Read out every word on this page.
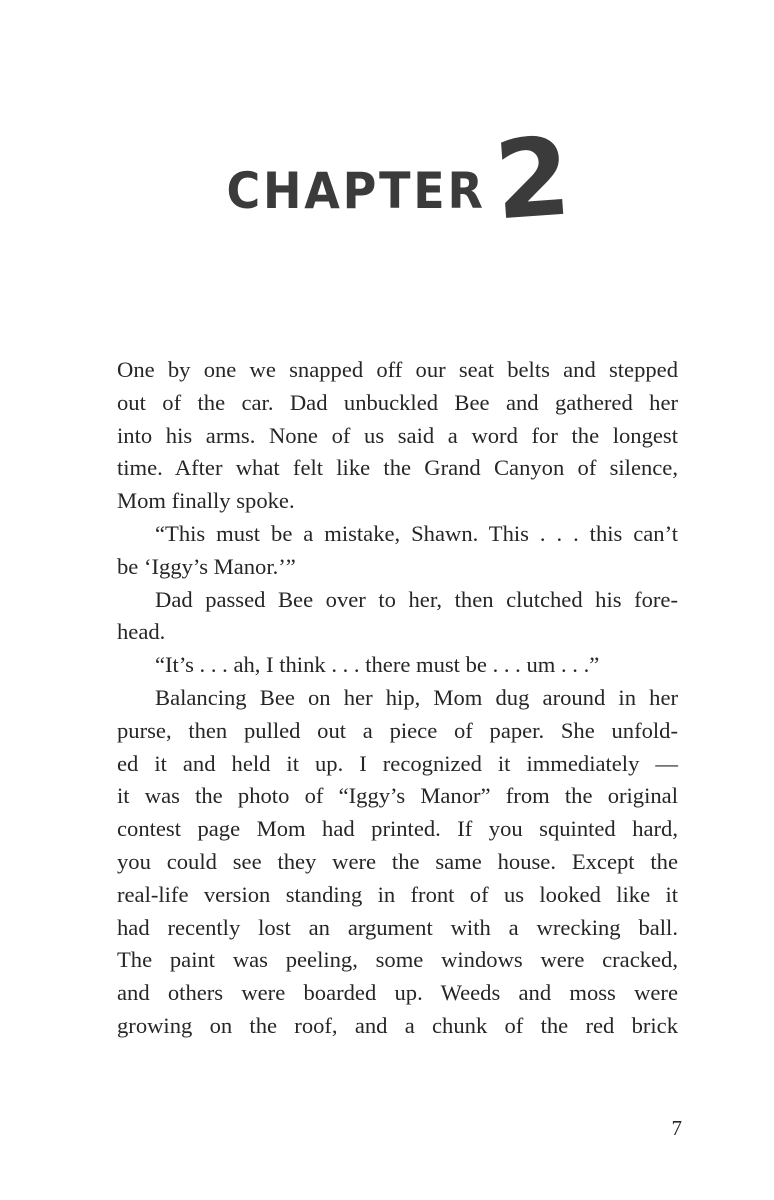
CHAPTER 2
One by one we snapped off our seat belts and stepped
out of the car. Dad unbuckled Bee and gathered her
into his arms. None of us said a word for the longest
time. After what felt like the Grand Canyon of silence,
Mom finally spoke.
“This must be a mistake, Shawn. This . . . this can’t
be ‘Iggy’s Manor.’”
Dad passed Bee over to her, then clutched his fore-
head.
“It’s . . . ah, I think . . . there must be . . . um . . .”
Balancing Bee on her hip, Mom dug around in her
purse, then pulled out a piece of paper. She unfold-
ed it and held it up. I recognized it immediately —
it was the photo of “Iggy’s Manor” from the original
contest page Mom had printed. If you squinted hard,
you could see they were the same house. Except the
real-life version standing in front of us looked like it
had recently lost an argument with a wrecking ball.
The paint was peeling, some windows were cracked,
and others were boarded up. Weeds and moss were
growing on the roof, and a chunk of the red brick
7
